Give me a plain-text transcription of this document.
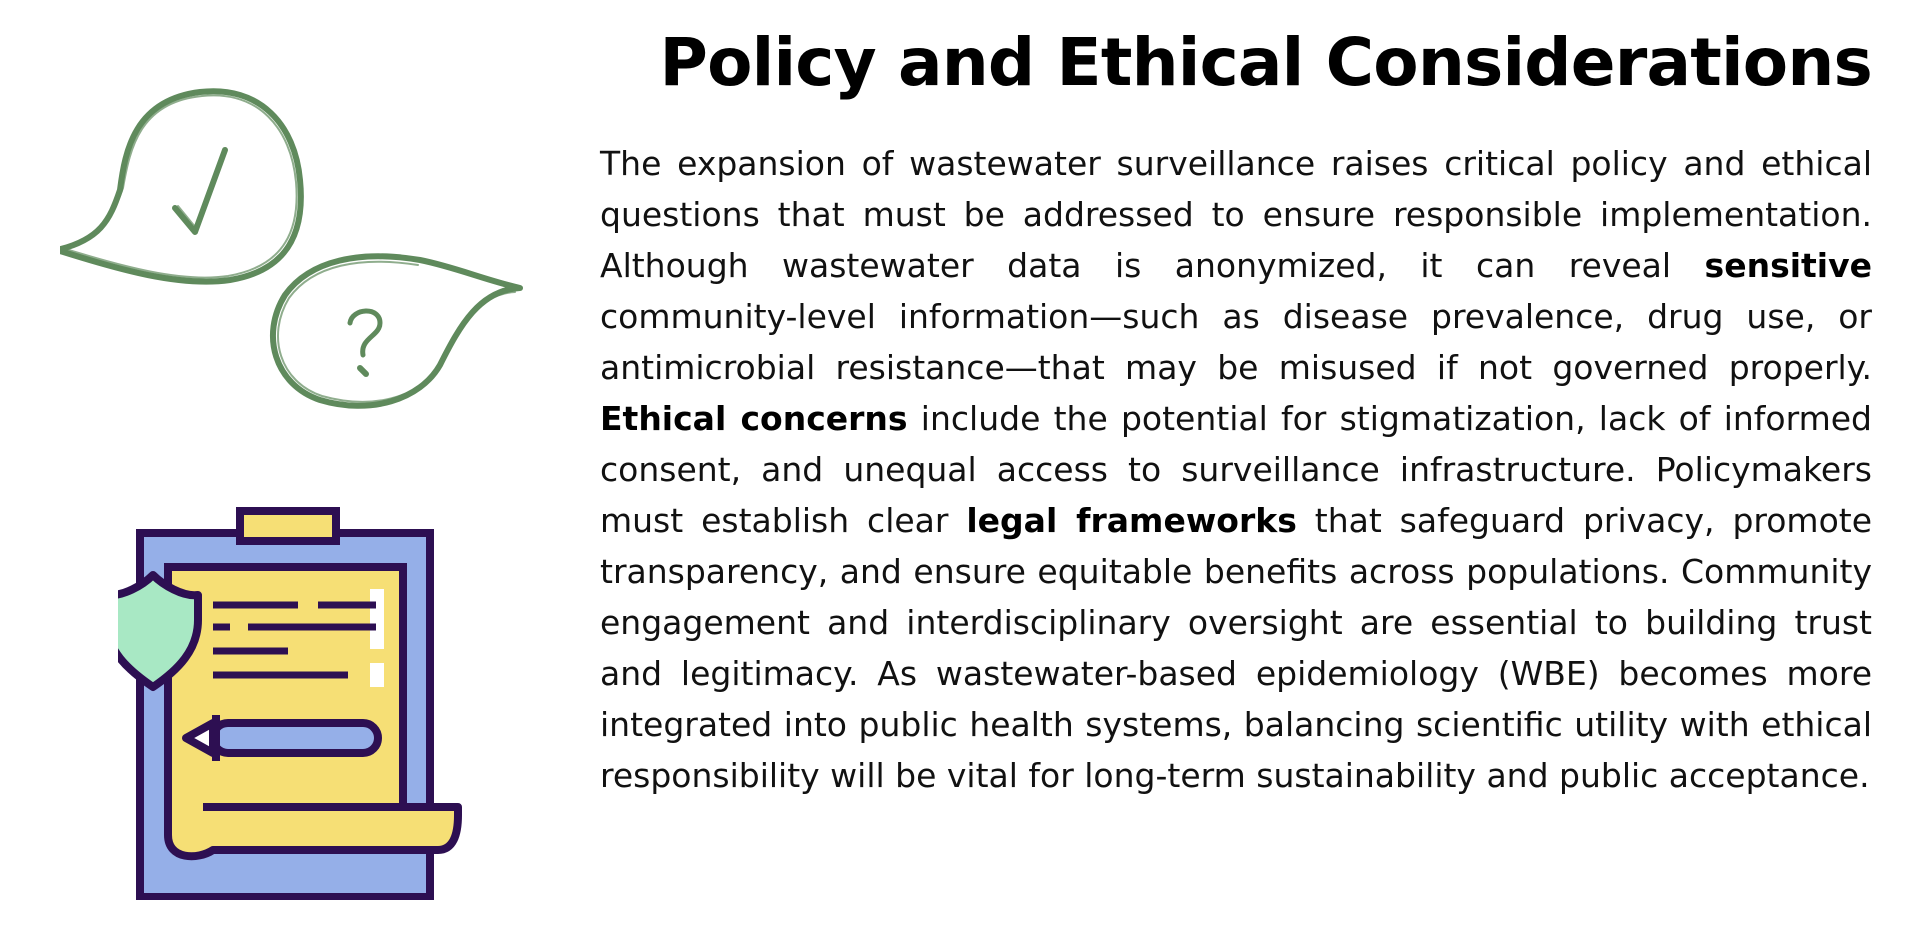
Policy and Ethical Considerations

The expansion of wastewater surveillance raises critical policy and ethical questions that must be addressed to ensure responsible implementation. Although wastewater data is anonymized, it can reveal sensitive community-level information—such as disease prevalence, drug use, or antimicrobial resistance—that may be misused if not governed properly. Ethical concerns include the potential for stigmatization, lack of informed consent, and unequal access to surveillance infrastructure. Policymakers must establish clear legal frameworks that safeguard privacy, promote transparency, and ensure equitable benefits across populations. Community engagement and interdisciplinary oversight are essential to building trust and legitimacy. As wastewater-based epidemiology (WBE) becomes more integrated into public health systems, balancing scientific utility with ethical responsibility will be vital for long-term sustainability and public acceptance.
